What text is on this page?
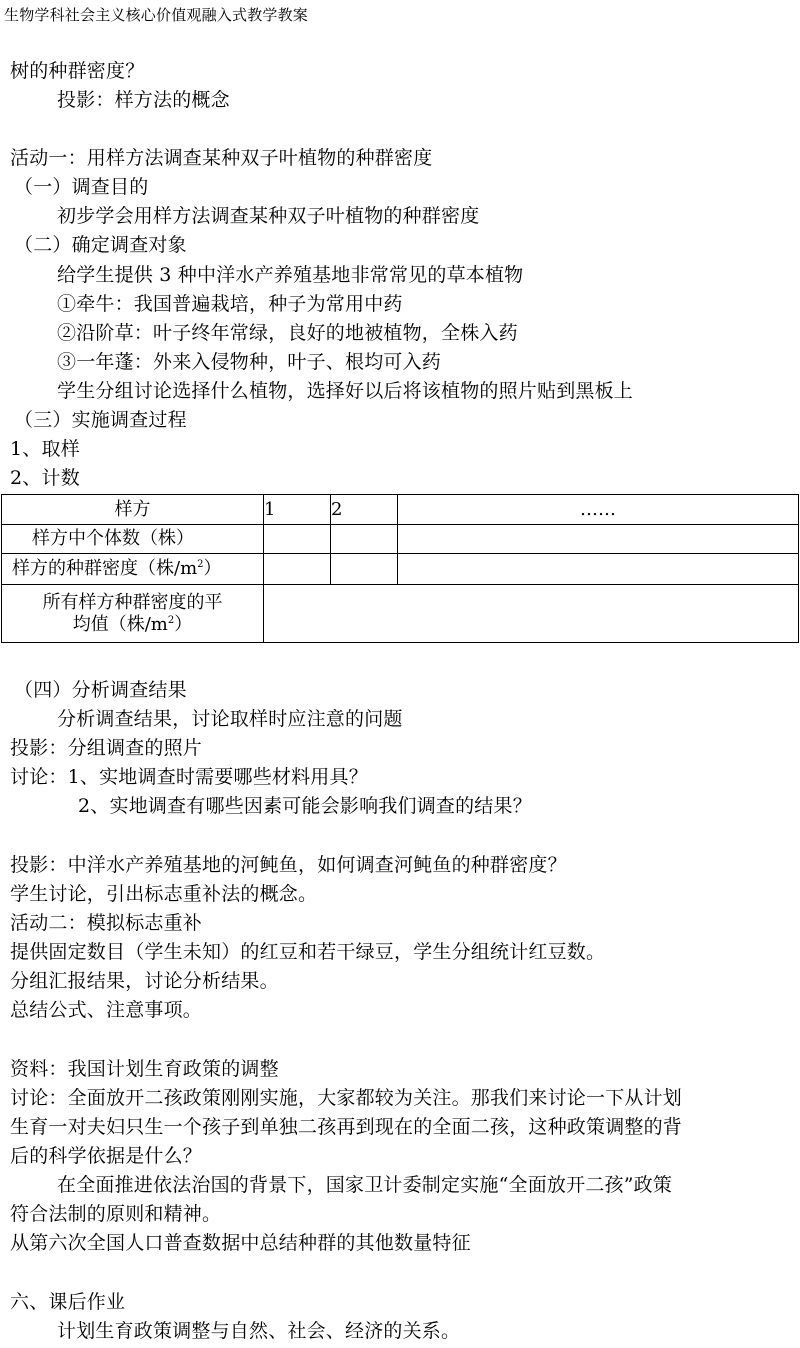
生物学科社会主义核心价值观融入式教学教案
树的种群密度？
投影：样方法的概念
活动一：用样方法调查某种双子叶植物的种群密度
（一）调查目的
初步学会用样方法调查某种双子叶植物的种群密度
（二）确定调查对象
给学生提供 3 种中洋水产养殖基地非常常见的草本植物
①牵牛：我国普遍栽培，种子为常用中药
②沿阶草：叶子终年常绿，良好的地被植物，全株入药
③一年蓬：外来入侵物种，叶子、根均可入药
学生分组讨论选择什么植物，选择好以后将该植物的照片贴到黑板上
（三）实施调查过程
1、取样
2、计数
样方	1	2	……
样方中个体数（株）			
样方的种群密度（株$/m^2$）			

所有样方种群密度的平
均值（株$/m^2$）			

（四）分析调查结果
分析调查结果，讨论取样时应注意的问题
投影：分组调查的照片
讨论：1、实地调查时需要哪些材料用具？
2、实地调查有哪些因素可能会影响我们调查的结果？
投影：中洋水产养殖基地的河鲀鱼，如何调查河鲀鱼的种群密度？
学生讨论，引出标志重补法的概念。
活动二：模拟标志重补
提供固定数目（学生未知）的红豆和若干绿豆，学生分组统计红豆数。
分组汇报结果，讨论分析结果。
总结公式、注意事项。
资料：我国计划生育政策的调整
讨论：全面放开二孩政策刚刚实施，大家都较为关注。那我们来讨论一下从计划
生育一对夫妇只生一个孩子到单独二孩再到现在的全面二孩，这种政策调整的背
后的科学依据是什么？
在全面推进依法治国的背景下，国家卫计委制定实施“全面放开二孩”政策
符合法制的原则和精神。
从第六次全国人口普查数据中总结种群的其他数量特征
六、课后作业
计划生育政策调整与自然、社会、经济的关系。
